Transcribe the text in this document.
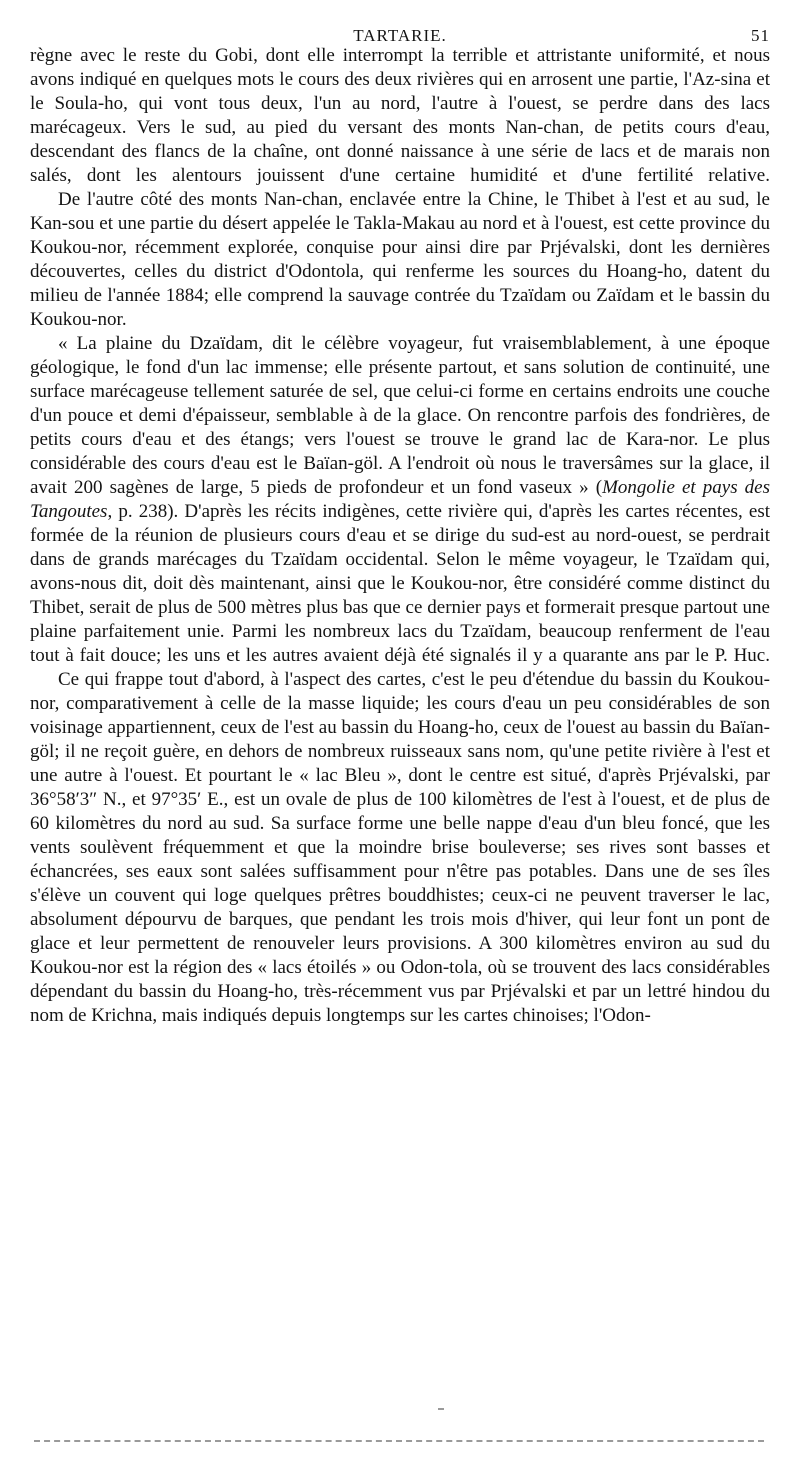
TARTARIE.	51

règne avec le reste du Gobi, dont elle interrompt la terrible et attristante uniformité, et nous avons indiqué en quelques mots le cours des deux rivières qui en arrosent une partie, l'Az-sina et le Soula-ho, qui vont tous deux, l'un au nord, l'autre à l'ouest, se perdre dans des lacs marécageux. Vers le sud, au pied du versant des monts Nan-chan, de petits cours d'eau, descendant des flancs de la chaîne, ont donné naissance à une série de lacs et de marais non salés, dont les alentours jouissent d'une certaine humidité et d'une fertilité relative.

De l'autre côté des monts Nan-chan, enclavée entre la Chine, le Thibet à l'est et au sud, le Kan-sou et une partie du désert appelée le Takla-Makau au nord et à l'ouest, est cette province du Koukou-nor, récemment explorée, conquise pour ainsi dire par Prjévalski, dont les dernières découvertes, celles du district d'Odontola, qui renferme les sources du Hoang-ho, datent du milieu de l'année 1884; elle comprend la sauvage contrée du Tzaïdam ou Zaïdam et le bassin du Koukou-nor.

« La plaine du Dzaïdam, dit le célèbre voyageur, fut vraisemblablement, à une époque géologique, le fond d'un lac immense; elle présente partout, et sans solution de continuité, une surface marécageuse tellement saturée de sel, que celui-ci forme en certains endroits une couche d'un pouce et demi d'épaisseur, semblable à de la glace. On rencontre parfois des fondrières, de petits cours d'eau et des étangs; vers l'ouest se trouve le grand lac de Kara-nor. Le plus considérable des cours d'eau est le Baïan-göl. A l'endroit où nous le traversâmes sur la glace, il avait 200 sagènes de large, 5 pieds de profondeur et un fond vaseux » (Mongolie et pays des Tangoutes, p. 238). D'après les récits indigènes, cette rivière qui, d'après les cartes récentes, est formée de la réunion de plusieurs cours d'eau et se dirige du sud-est au nord-ouest, se perdrait dans de grands marécages du Tzaïdam occidental. Selon le même voyageur, le Tzaïdam qui, avons-nous dit, doit dès maintenant, ainsi que le Koukou-nor, être considéré comme distinct du Thibet, serait de plus de 500 mètres plus bas que ce dernier pays et formerait presque partout une plaine parfaitement unie. Parmi les nombreux lacs du Tzaïdam, beaucoup renferment de l'eau tout à fait douce; les uns et les autres avaient déjà été signalés il y a quarante ans par le P. Huc.

Ce qui frappe tout d'abord, à l'aspect des cartes, c'est le peu d'étendue du bassin du Koukou-nor, comparativement à celle de la masse liquide; les cours d'eau un peu considérables de son voisinage appartiennent, ceux de l'est au bassin du Hoang-ho, ceux de l'ouest au bassin du Baïan-göl; il ne reçoit guère, en dehors de nombreux ruisseaux sans nom, qu'une petite rivière à l'est et une autre à l'ouest. Et pourtant le « lac Bleu », dont le centre est situé, d'après Prjévalski, par 36°58′3″ N., et 97°35′ E., est un ovale de plus de 100 kilomètres de l'est à l'ouest, et de plus de 60 kilomètres du nord au sud. Sa surface forme une belle nappe d'eau d'un bleu foncé, que les vents soulèvent fréquemment et que la moindre brise bouleverse; ses rives sont basses et échancrées, ses eaux sont salées suffisamment pour n'être pas potables. Dans une de ses îles s'élève un couvent qui loge quelques prêtres bouddhistes; ceux-ci ne peuvent traverser le lac, absolument dépourvu de barques, que pendant les trois mois d'hiver, qui leur font un pont de glace et leur permettent de renouveler leurs provisions. A 300 kilomètres environ au sud du Koukou-nor est la région des « lacs étoilés » ou Odon-tola, où se trouvent des lacs considérables dépendant du bassin du Hoang-ho, très-récemment vus par Prjévalski et par un lettré hindou du nom de Krichna, mais indiqués depuis longtemps sur les cartes chinoises; l'Odon-
